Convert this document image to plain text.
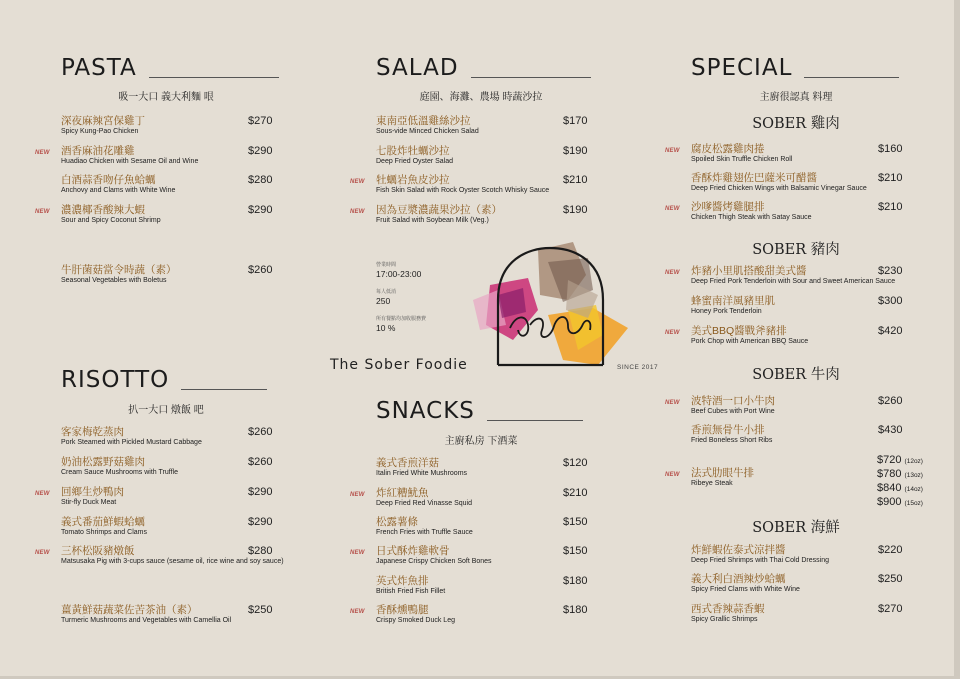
PASTA
吸一大口 義大利麵 哏
深夜麻辣宮保雞丁
Spicy Kung-Pao Chicken
$270
酒香麻油花雕雞
Huadiao Chicken with Sesame Oil and Wine
$290
NEW
白酒蒜香吻仔魚蛤蠣
Anchovy and Clams with White Wine
$280
濃濃椰香酸辣大蝦
Sour and Spicy Coconut Shrimp
$290
NEW
牛肝菌菇當令時蔬（素）
Seasonal Vegetables with Boletus
$260
RISOTTO
扒一大口 燉飯 吧
客家梅乾蒸肉
Pork Steamed with Pickled Mustard Cabbage
$260
奶油松露野菇雞肉
Cream Sauce Mushrooms with Truffle
$260
回鄉生炒鴨肉
Stir-fly Duck Meat
$290
NEW
義式番茄鮮蝦蛤蠣
Tomato Shrimps and Clams
$290
三杯松阪豬燉飯
Matsusaka Pig with 3-cups sauce (sesame oil, rice wine and soy sauce)
$280
NEW
薑黃鮮菇蔬菜佐苦茶油（素）
Turmeric Mushrooms and Vegetables with Camellia Oil
$250
SALAD
庭園、海灘、農場 時蔬沙拉
東南亞低溫雞絲沙拉
Sous-vide Minced Chicken Salad
$170
七股炸牡蠣沙拉
Deep Fried Oyster Salad
$190
牡蠣岩魚皮沙拉
Fish Skin Salad with Rock Oyster Scotch Whisky Sauce
$210
NEW
因為豆漿濃蔬果沙拉（素）
Fruit Salad with Soybean Milk (Veg.)
$190
NEW
營業時間
17:00-23:00
每人低消
250
所有餐點均加收服務費
10 %
The Sober Foodie	SINCE 2017
SNACKS
主廚私房 下酒菜
義式香煎洋菇
Italin Fried White Mushrooms
$120
炸紅糟魷魚
Deep Fried Red Vinasse Squid
$210
NEW
松露薯條
French Fries with Truffle Sauce
$150
日式酥炸雞軟骨
Japanese Crispy Chicken Soft Bones
$150
NEW
英式炸魚排
British Fried Fish Fillet
$180
香酥燻鴨腿
Crispy Smoked Duck Leg
$180
NEW
SPECIAL
主廚很認真 料理
SOBER 雞肉
SOBER 豬肉
SOBER 牛肉
SOBER 海鮮
腐皮松露雞肉捲
Spoiled Skin Truffle Chicken Roll
$160
NEW
香酥炸雞翅佐巴薩米可醋醬
Deep Fried Chicken Wings with Balsamic Vinegar Sauce
$210
沙嗲醬烤雞腿排
Chicken Thigh Steak with Satay Sauce
$210
NEW
炸豬小里肌搭酸甜美式醬
Deep Fried Pork Tenderloin with Sour and Sweet American Sauce
$230
NEW
蜂蜜南洋風豬里肌
Honey Pork Tenderloin
$300
美式BBQ醬戰斧豬排
Pork Chop with American BBQ Sauce
$420
NEW
波特酒一口小牛肉
Beef Cubes with Port Wine
$260
NEW
香煎無骨牛小排
Fried Boneless Short Ribs
$430
法式肋眼牛排
Ribeye Steak
NEW
炸鮮蝦佐泰式涼拌醬
Deep Fried Shrimps with Thai Cold Dressing
$220
義大利白酒辣炒蛤蠣
Spicy Fried Clams with White Wine
$250
西式香辣蒜香蝦
Spicy Grallic Shrimps
$270
$720 (12oz)
$780 (13oz)
$840 (14oz)
$900 (15oz)
